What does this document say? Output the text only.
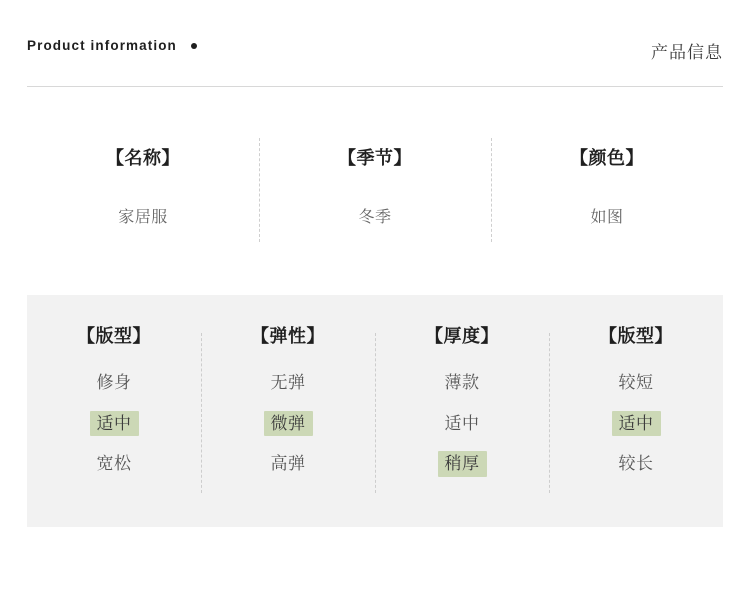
Product information	产品信息
【名称】
家居服
【季节】
冬季
【颜色】
如图
【版型】
修身
适中
宽松
【弹性】
无弹
微弹
高弹
【厚度】
薄款
适中
稍厚
【版型】
较短
适中
较长
